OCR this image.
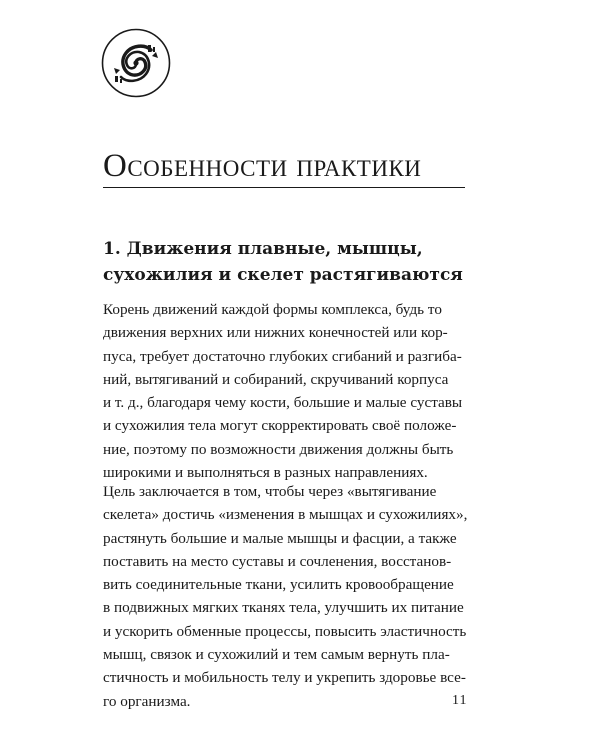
Особенности практики
1. Движения плавные, мышцы,
сухожилия и скелет растягиваются

Корень движений каждой формы комплекса, будь то
движения верхних или нижних конечностей или кор-
пуса, требует достаточно глубоких сгибаний и разгиба-
ний, вытягиваний и собираний, скручиваний корпуса
и т. д., благодаря чему кости, большие и малые суставы
и сухожилия тела могут скорректировать своё положе-
ние, поэтому по возможности движения должны быть
широкими и выполняться в разных направлениях.

Цель заключается в том, чтобы через «вытягивание
скелета» достичь «изменения в мышцах и сухожилиях»,
растянуть большие и малые мышцы и фасции, а также
поставить на место суставы и сочленения, восстанов-
вить соединительные ткани, усилить кровообращение
в подвижных мягких тканях тела, улучшить их питание
и ускорить обменные процессы, повысить эластичность
мышц, связок и сухожилий и тем самым вернуть пла-
стичность и мобильность телу и укрепить здоровье все-
го организма.	11
